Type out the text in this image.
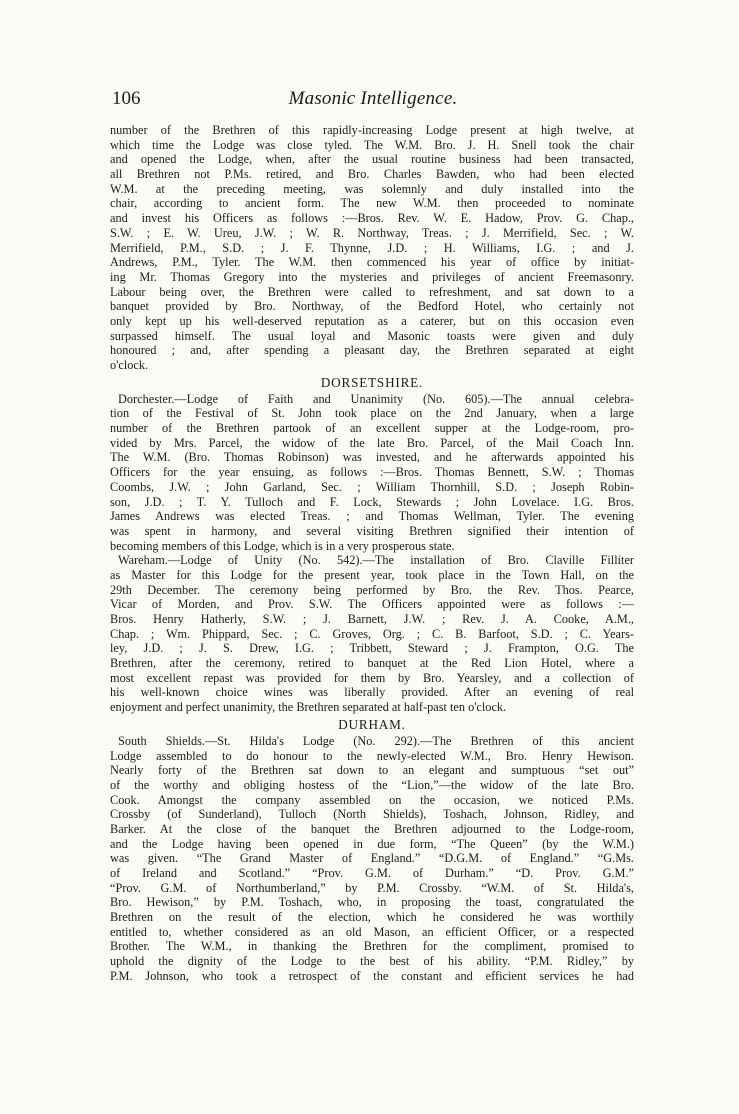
106	Masonic Intelligence.
number of the Brethren of this rapidly-increasing Lodge present at high twelve, at
which time the Lodge was close tyled. The W.M. Bro. J. H. Snell took the chair
and opened the Lodge, when, after the usual routine business had been transacted,
all Brethren not P.Ms. retired, and Bro. Charles Bawden, who had been elected
W.M. at the preceding meeting, was solemnly and duly installed into the
chair, according to ancient form. The new W.M. then proceeded to nominate
and invest his Officers as follows :—Bros. Rev. W. E. Hadow, Prov. G. Chap.,
S.W. ; E. W. Ureu, J.W. ; W. R. Northway, Treas. ; J. Merrifield, Sec. ; W.
Merrifield, P.M., S.D. ; J. F. Thynne, J.D. ; H. Williams, I.G. ; and J.
Andrews, P.M., Tyler. The W.M. then commenced his year of office by initiat-
ing Mr. Thomas Gregory into the mysteries and privileges of ancient Freemasonry.
Labour being over, the Brethren were called to refreshment, and sat down to a
banquet provided by Bro. Northway, of the Bedford Hotel, who certainly not
only kept up his well-deserved reputation as a caterer, but on this occasion even
surpassed himself. The usual loyal and Masonic toasts were given and duly
honoured ; and, after spending a pleasant day, the Brethren separated at eight
o'clock.
DORSETSHIRE.
Dorchester.—Lodge of Faith and Unanimity (No. 605).—The annual celebra-
tion of the Festival of St. John took place on the 2nd January, when a large
number of the Brethren partook of an excellent supper at the Lodge-room, pro-
vided by Mrs. Parcel, the widow of the late Bro. Parcel, of the Mail Coach Inn.
The W.M. (Bro. Thomas Robinson) was invested, and he afterwards appointed his
Officers for the year ensuing, as follows :—Bros. Thomas Bennett, S.W. ; Thomas
Coombs, J.W. ; John Garland, Sec. ; William Thornhill, S.D. ; Joseph Robin-
son, J.D. ; T. Y. Tulloch and F. Lock, Stewards ; John Lovelace. I.G. Bros.
James Andrews was elected Treas. ; and Thomas Wellman, Tyler. The evening
was spent in harmony, and several visiting Brethren signified their intention of
becoming members of this Lodge, which is in a very prosperous state.
Wareham.—Lodge of Unity (No. 542).—The installation of Bro. Claville Filliter
as Master for this Lodge for the present year, took place in the Town Hall, on the
29th December. The ceremony being performed by Bro. the Rev. Thos. Pearce,
Vicar of Morden, and Prov. S.W. The Officers appointed were as follows :—
Bros. Henry Hatherly, S.W. ; J. Barnett, J.W. ; Rev. J. A. Cooke, A.M.,
Chap. ; Wm. Phippard, Sec. ; C. Groves, Org. ; C. B. Barfoot, S.D. ; C. Years-
ley, J.D. ; J. S. Drew, I.G. ; Tribbett, Steward ; J. Frampton, O.G. The
Brethren, after the ceremony, retired to banquet at the Red Lion Hotel, where a
most excellent repast was provided for them by Bro. Yearsley, and a collection of
his well-known choice wines was liberally provided. After an evening of real
enjoyment and perfect unanimity, the Brethren separated at half-past ten o'clock.
DURHAM.
South Shields.—St. Hilda's Lodge (No. 292).—The Brethren of this ancient
Lodge assembled to do honour to the newly-elected W.M., Bro. Henry Hewison.
Nearly forty of the Brethren sat down to an elegant and sumptuous “set out”
of the worthy and obliging hostess of the “Lion,”—the widow of the late Bro.
Cook. Amongst the company assembled on the occasion, we noticed P.Ms.
Crossby (of Sunderland), Tulloch (North Shields), Toshach, Johnson, Ridley, and
Barker. At the close of the banquet the Brethren adjourned to the Lodge-room,
and the Lodge having been opened in due form, “The Queen” (by the W.M.)
was given. “The Grand Master of England.” “D.G.M. of England.” “G.Ms.
of Ireland and Scotland.” “Prov. G.M. of Durham.” “D. Prov. G.M.”
“Prov. G.M. of Northumberland,” by P.M. Crossby. “W.M. of St. Hilda's,
Bro. Hewison,” by P.M. Toshach, who, in proposing the toast, congratulated the
Brethren on the result of the election, which he considered he was worthily
entitled to, whether considered as an old Mason, an efficient Officer, or a respected
Brother. The W.M., in thanking the Brethren for the compliment, promised to
uphold the dignity of the Lodge to the best of his ability. “P.M. Ridley,” by
P.M. Johnson, who took a retrospect of the constant and efficient services he had
